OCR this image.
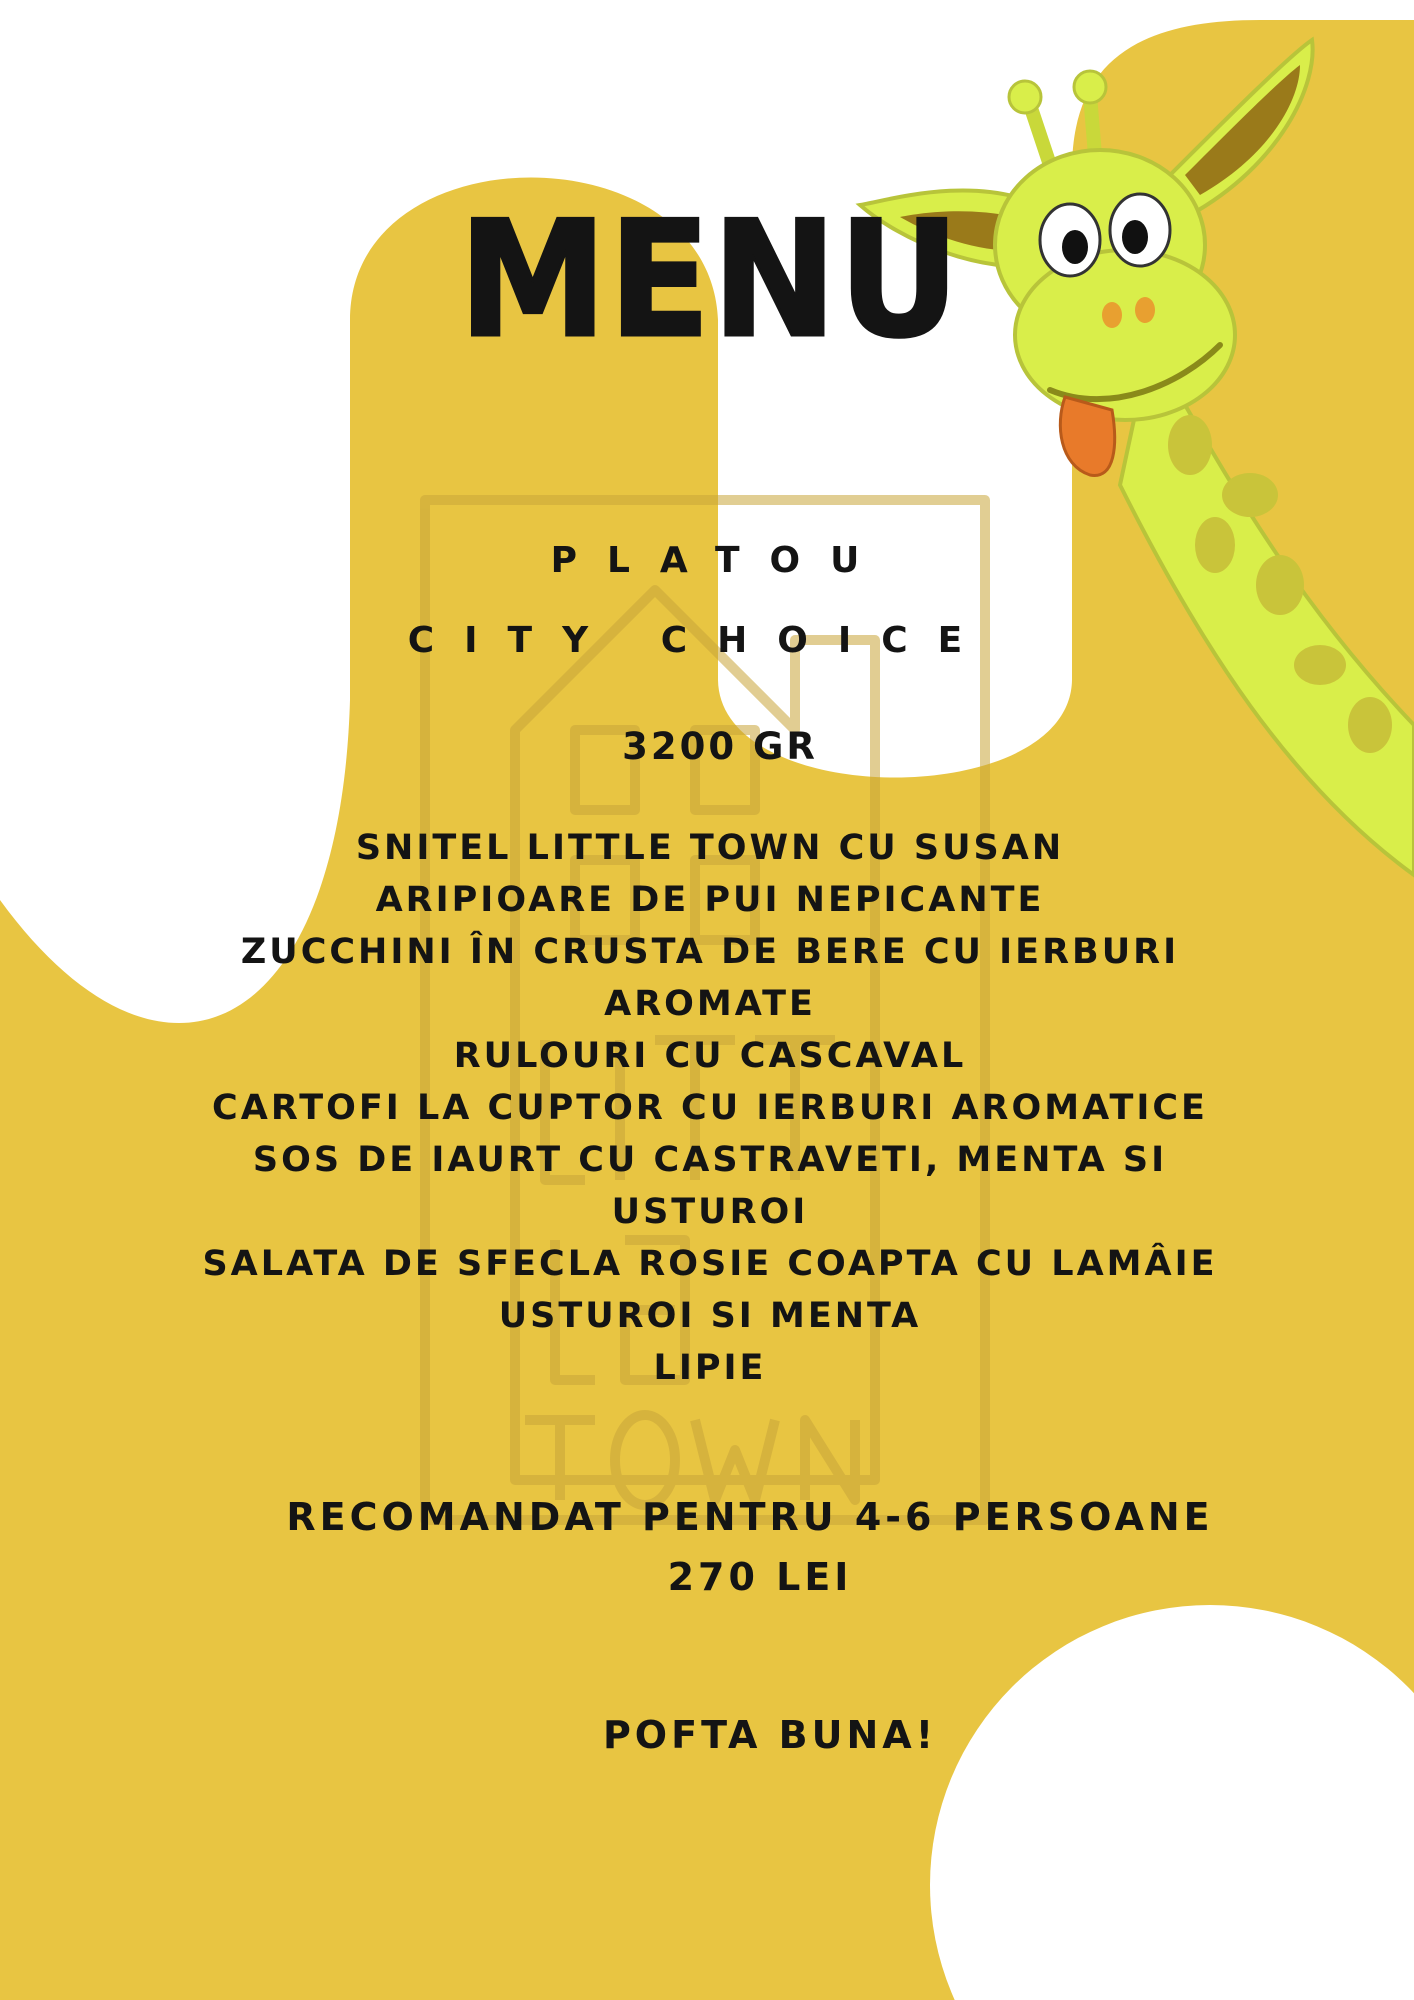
MENU
PLATOU
CITY CHOICE
3200 GR
SNITEL LITTLE TOWN CU SUSAN
ARIPIOARE DE PUI NEPICANTE
ZUCCHINI ÎN CRUSTA DE BERE CU IERBURI
AROMATE
RULOURI CU CASCAVAL
CARTOFI LA CUPTOR CU IERBURI AROMATICE
SOS DE IAURT CU CASTRAVETI, MENTA SI
USTUROI
SALATA DE SFECLA ROSIE COAPTA CU LAMÂIE
USTUROI SI MENTA
LIPIE
RECOMANDAT PENTRU 4-6 PERSOANE
270 LEI
POFTA BUNA!
